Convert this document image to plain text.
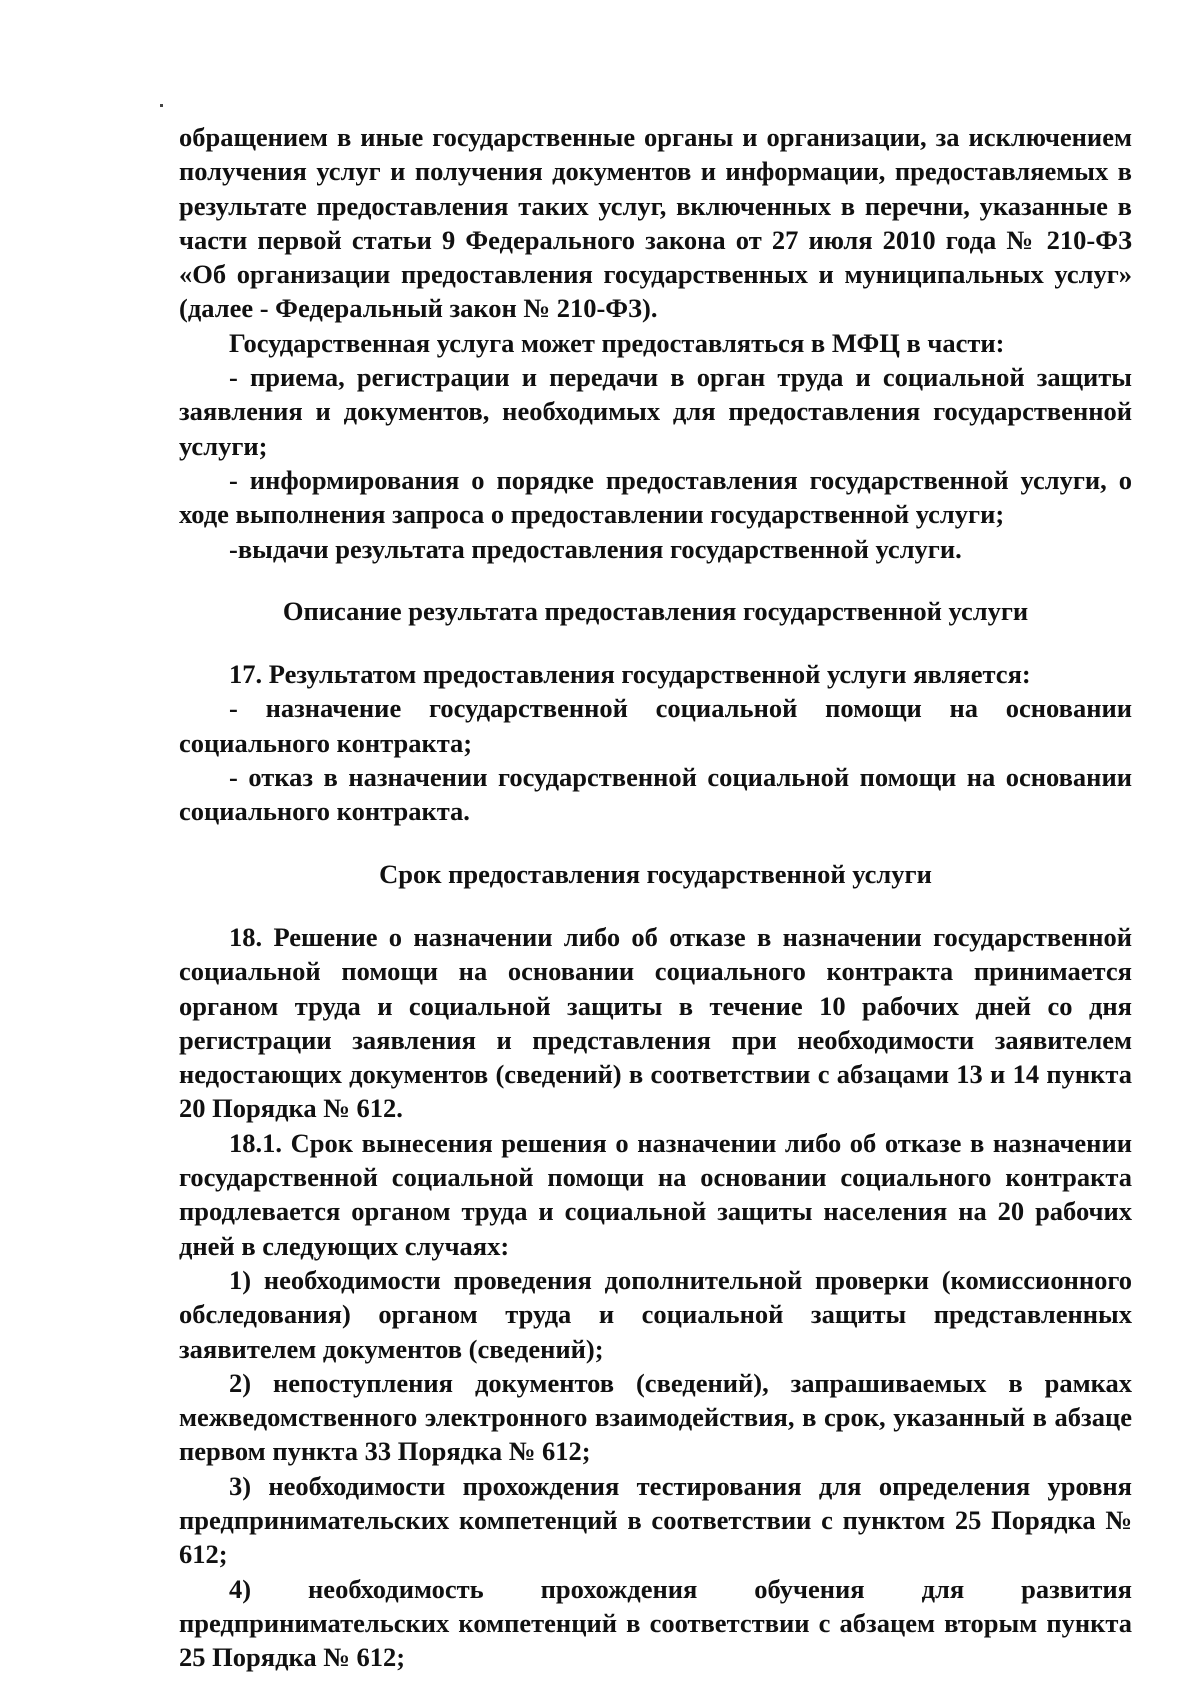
обращением в иные государственные органы и организации, за исключением получения услуг и получения документов и информации, предоставляемых в результате предоставления таких услуг, включенных в перечни, указанные в части первой статьи 9 Федерального закона от 27 июля 2010 года № 210-ФЗ «Об организации предоставления государственных и муниципальных услуг» (далее - Федеральный закон № 210-ФЗ).

Государственная услуга может предоставляться в МФЦ в части:

- приема, регистрации и передачи в орган труда и социальной защиты заявления и документов, необходимых для предоставления государственной услуги;

- информирования о порядке предоставления государственной услуги, о ходе выполнения запроса о предоставлении государственной услуги;

-выдачи результата предоставления государственной услуги.

Описание результата предоставления государственной услуги

17. Результатом предоставления государственной услуги является:

- назначение государственной социальной помощи на основании социального контракта;

- отказ в назначении государственной социальной помощи на основании социального контракта.

Срок предоставления государственной услуги

18. Решение о назначении либо об отказе в назначении государственной социальной помощи на основании социального контракта принимается органом труда и социальной защиты в течение 10 рабочих дней со дня регистрации заявления и представления при необходимости заявителем недостающих документов (сведений) в соответствии с абзацами 13 и 14 пункта 20 Порядка № 612.

18.1. Срок вынесения решения о назначении либо об отказе в назначении государственной социальной помощи на основании социального контракта продлевается органом труда и социальной защиты населения на 20 рабочих дней в следующих случаях:

1) необходимости проведения дополнительной проверки (комиссионного обследования) органом труда и социальной защиты представленных заявителем документов (сведений);

2) непоступления документов (сведений), запрашиваемых в рамках межведомственного электронного взаимодействия, в срок, указанный в абзаце первом пункта 33 Порядка № 612;

3) необходимости прохождения тестирования для определения уровня предпринимательских компетенций в соответствии с пунктом 25 Порядка № 612;

4) необходимость прохождения обучения для развития предпринимательских компетенций в соответствии с абзацем вторым пункта 25 Порядка № 612;
